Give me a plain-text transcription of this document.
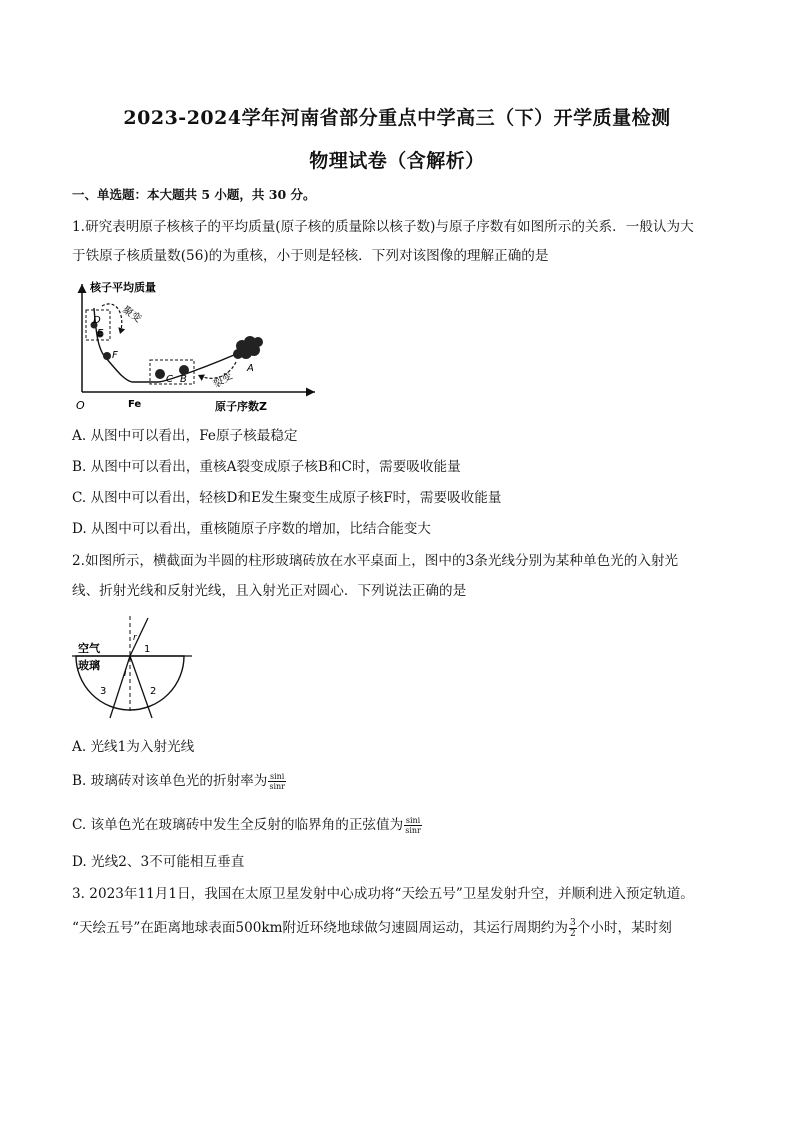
2023-2024学年河南省部分重点中学高三（下）开学质量检测
物理试卷（含解析）
一、单选题：本大题共 5 小题，共 30 分。
1.研究表明原子核核子的平均质量(原子核的质量除以核子数)与原子序数有如图所示的关系．一般认为大
于铁原子核质量数(56)的为重核，小于则是轻核．下列对该图像的理解正确的是
核子平均质量
原子序数Z
O	Fe
D
E
F
聚变
C B
A
裂变
A. 从图中可以看出，Fe原子核最稳定
B. 从图中可以看出，重核A裂变成原子核B和C时，需要吸收能量
C. 从图中可以看出，轻核D和E发生聚变生成原子核F时，需要吸收能量
D. 从图中可以看出，重核随原子序数的增加，比结合能变大
2.如图所示，横截面为半圆的柱形玻璃砖放在水平桌面上，图中的3条光线分别为某种单色光的入射光
线、折射光线和反射光线，且入射光正对圆心．下列说法正确的是
空气
玻璃
r
i
1
2
3
A. 光线1为入射光线
B. 玻璃砖对该单色光的折射率为 $\frac{\sin i}{\sin r}$
C. 该单色光在玻璃砖中发生全反射的临界角的正弦值为 $\frac{\sin i}{\sin r}$
D. 光线2、3不可能相互垂直
3. 2023年11月1日，我国在太原卫星发射中心成功将“天绘五号”卫星发射升空，并顺利进入预定轨道。
“天绘五号”在距离地球表面500km附近环绕地球做匀速圆周运动，其运行周期约为 $\frac{3}{2}$ 个小时，某时刻
